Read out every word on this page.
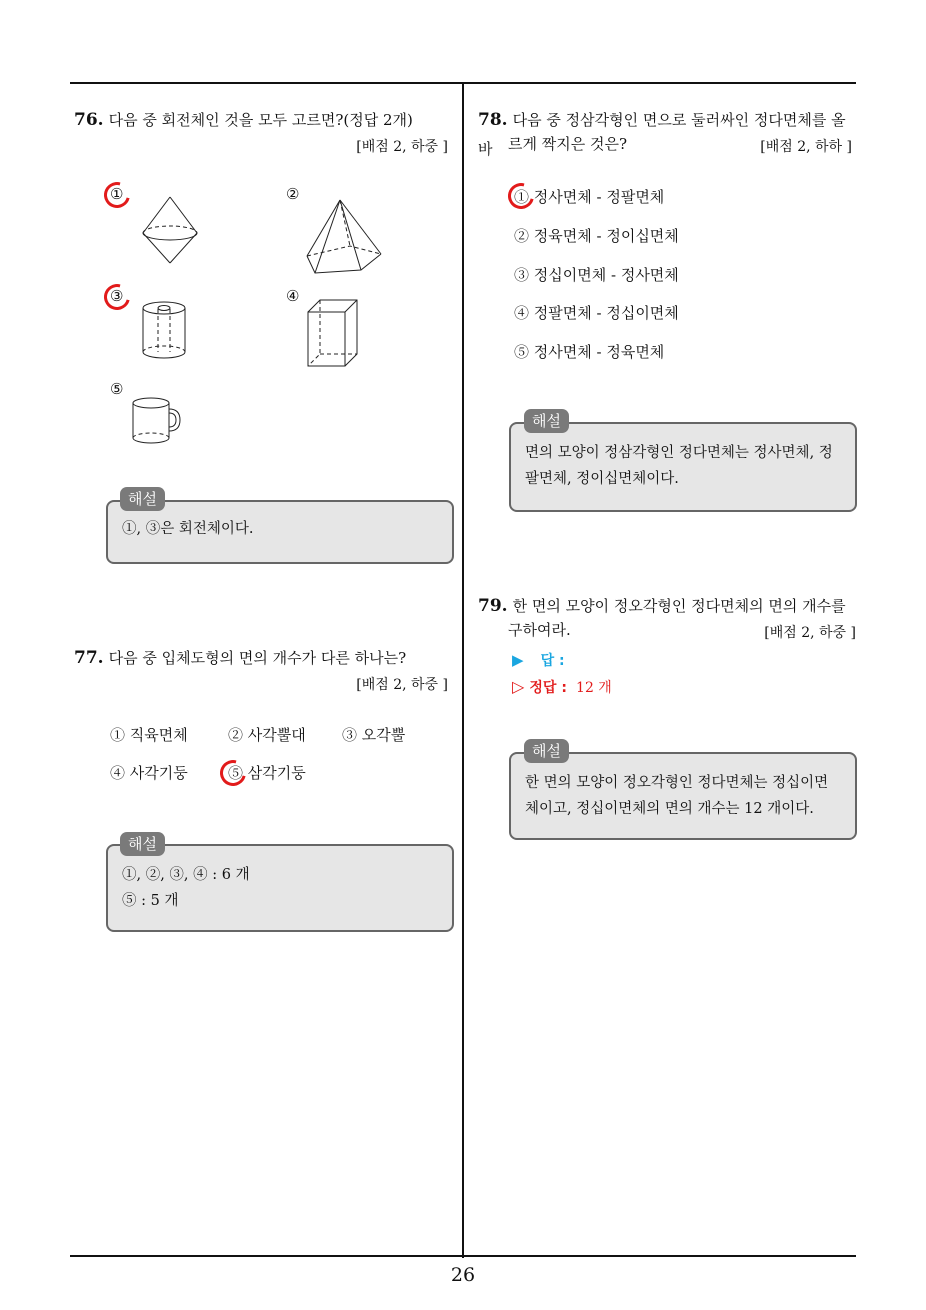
26
76. 다음 중 회전체인 것을 모두 고르면?(정답 2개)
[배점 2, 하중 ]
①	②
③	④
⑤
①, ③은 회전체이다.
해설
77. 다음 중 입체도형의 면의 개수가 다른 하나는?
[배점 2, 하중 ]
① 직육면체	② 사각뿔대 ③ 오각뿔
④ 사각기둥	⑤ 삼각기둥
①, ②, ③, ④ : 6 개
⑤ : 5 개
해설
78. 다음 중 정삼각형인 면으로 둘러싸인 정다면체를 올바	르게 짝지은 것은?	[배점 2, 하하 ]
① 정사면체 - 정팔면체
② 정육면체 - 정이십면체
③ 정십이면체 - 정사면체
④ 정팔면체 - 정십이면체
⑤ 정사면체 - 정육면체
면의 모양이 정삼각형인 정다면체는 정사면체, 정
팔면체, 정이십면체이다.
해설
79. 한 면의 모양이 정오각형인 정다면체의 면의 개수를
구하여라.	[배점 2, 하중 ]
▶ 답 :
▷ 정답 : 12 개
한 면의 모양이 정오각형인 정다면체는 정십이면
체이고, 정십이면체의 면의 개수는 12 개이다.
해설
